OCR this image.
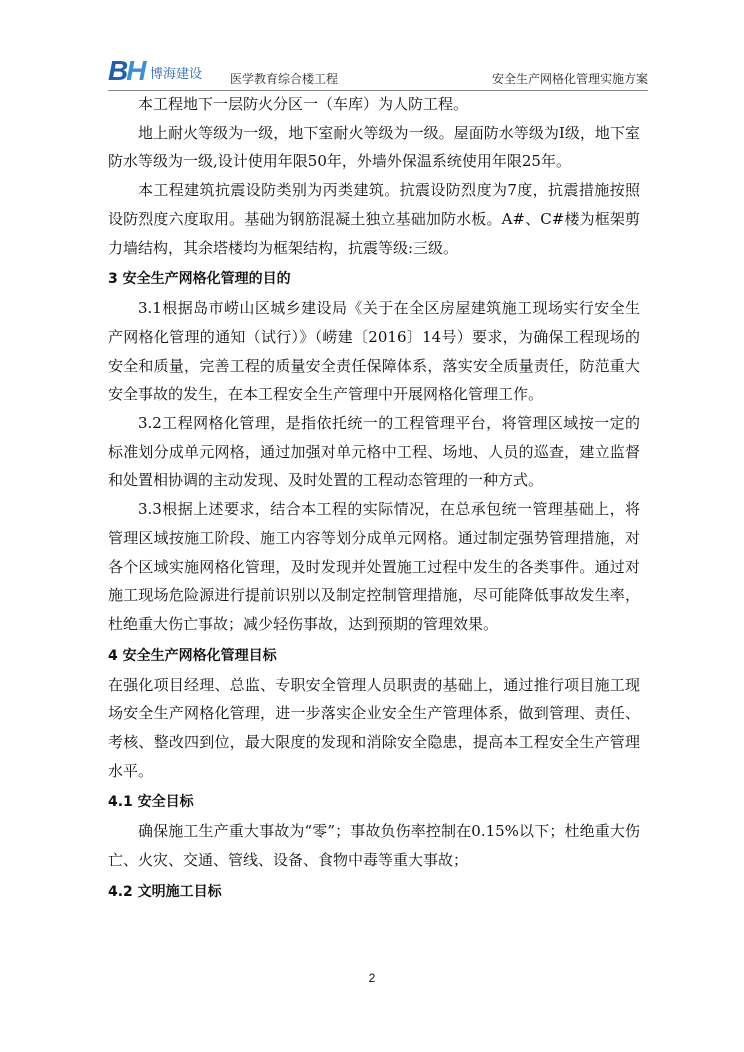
BH 博海建设 医学教育综合楼工程	安全生产网格化管理实施方案

本工程地下一层防火分区一（车库）为人防工程。

地上耐火等级为一级，地下室耐火等级为一级。屋面防水等级为Ⅰ级，地下室防水等级为一级,设计使用年限50年，外墙外保温系统使用年限25年。

本工程建筑抗震设防类别为丙类建筑。抗震设防烈度为7度，抗震措施按照设防烈度六度取用。基础为钢筋混凝土独立基础加防水板。A#、C#楼为框架剪力墙结构，其余塔楼均为框架结构，抗震等级:三级。

3 安全生产网格化管理的目的

3.1根据岛市崂山区城乡建设局《关于在全区房屋建筑施工现场实行安全生产网格化管理的通知（试行）》（崂建〔2016〕14号）要求，为确保工程现场的安全和质量，完善工程的质量安全责任保障体系，落实安全质量责任，防范重大安全事故的发生，在本工程安全生产管理中开展网格化管理工作。

3.2工程网格化管理，是指依托统一的工程管理平台，将管理区域按一定的标准划分成单元网格，通过加强对单元格中工程、场地、人员的巡查，建立监督和处置相协调的主动发现、及时处置的工程动态管理的一种方式。

3.3根据上述要求，结合本工程的实际情况，在总承包统一管理基础上，将管理区域按施工阶段、施工内容等划分成单元网格。通过制定强势管理措施，对各个区域实施网格化管理，及时发现并处置施工过程中发生的各类事件。通过对施工现场危险源进行提前识别以及制定控制管理措施，尽可能降低事故发生率，杜绝重大伤亡事故；减少轻伤事故，达到预期的管理效果。

4 安全生产网格化管理目标

在强化项目经理、总监、专职安全管理人员职责的基础上，通过推行项目施工现场安全生产网格化管理，进一步落实企业安全生产管理体系，做到管理、责任、考核、整改四到位，最大限度的发现和消除安全隐患，提高本工程安全生产管理水平。

4.1 安全目标

确保施工生产重大事故为“零”；事故负伤率控制在0.15%以下；杜绝重大伤亡、火灾、交通、管线、设备、食物中毒等重大事故；

4.2 文明施工目标
2
